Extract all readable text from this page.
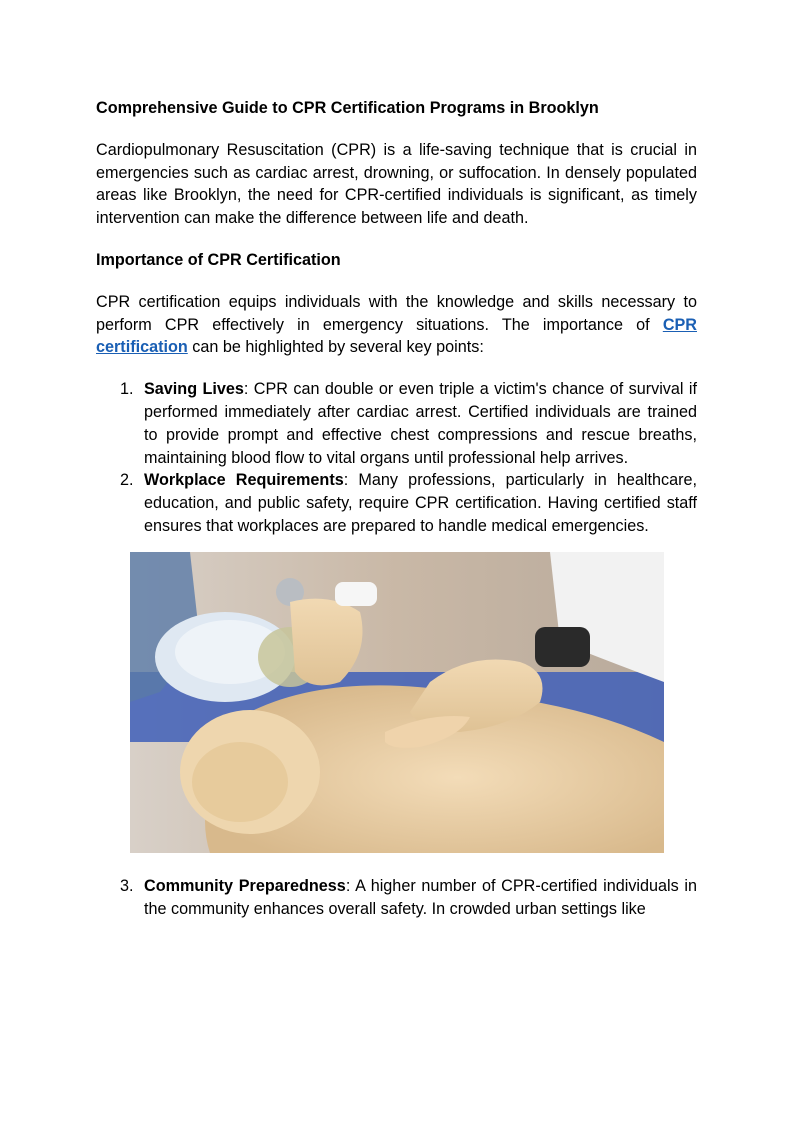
Comprehensive Guide to CPR Certification Programs in Brooklyn

Cardiopulmonary Resuscitation (CPR) is a life-saving technique that is crucial in emergencies such as cardiac arrest, drowning, or suffocation. In densely populated areas like Brooklyn, the need for CPR-certified individuals is significant, as timely intervention can make the difference between life and death.

Importance of CPR Certification

CPR certification equips individuals with the knowledge and skills necessary to perform CPR effectively in emergency situations. The importance of CPR certification can be highlighted by several key points:

1. Saving Lives: CPR can double or even triple a victim's chance of survival if performed immediately after cardiac arrest. Certified individuals are trained to provide prompt and effective chest compressions and rescue breaths, maintaining blood flow to vital organs until professional help arrives.
2. Workplace Requirements: Many professions, particularly in healthcare, education, and public safety, require CPR certification. Having certified staff ensures that workplaces are prepared to handle medical emergencies.
3. Community Preparedness: A higher number of CPR-certified individuals in the community enhances overall safety. In crowded urban settings like
